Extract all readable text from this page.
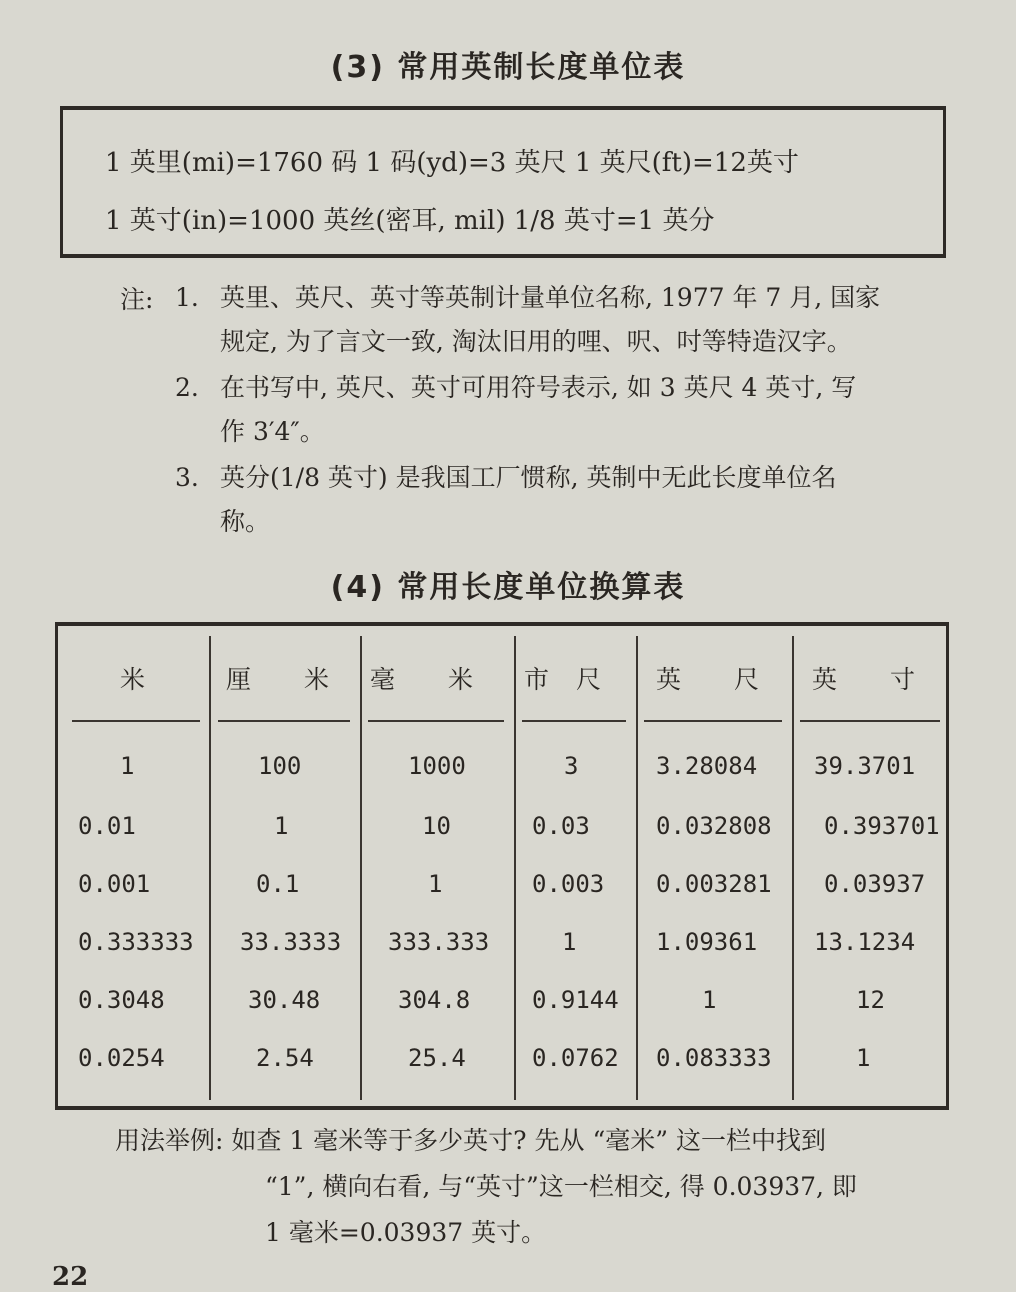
(3) 常用英制长度单位表
1 英里(mi)=1760 码 1 码(yd)=3 英尺 1 英尺(ft)=12英寸
1 英寸(in)=1000 英丝(密耳, mil) 1/8 英寸=1 英分
注: 1. 英里、英尺、英寸等英制计量单位名称, 1977 年 7 月, 国家
规定, 为了言文一致, 淘汰旧用的哩、呎、吋等特造汉字。
2. 在书写中, 英尺、英寸可用符号表示, 如 3 英尺 4 英寸, 写
作 3′4″。
3. 英分(1/8 英寸) 是我国工厂惯称, 英制中无此长度单位名
称。
(4) 常用长度单位换算表
米	厘　　米 毫　　米 市　尺 英　　尺 英　　寸
1	100	1000	3	3.28084 39.3701
0.01	1	10	0.03	0.032808 0.393701
0.001	0.1	1	0.003 0.003281 0.03937
0.333333 33.3333 333.333	1	1.09361 13.1234
0.3048	30.48	304.8	0.9144	1	12
0.0254	2.54	25.4	0.0762 0.083333	1
用法举例: 如查 1 毫米等于多少英寸? 先从 “毫米” 这一栏中找到
“1”, 横向右看, 与“英寸”这一栏相交, 得 0.03937, 即
1 毫米=0.03937 英寸。
22
